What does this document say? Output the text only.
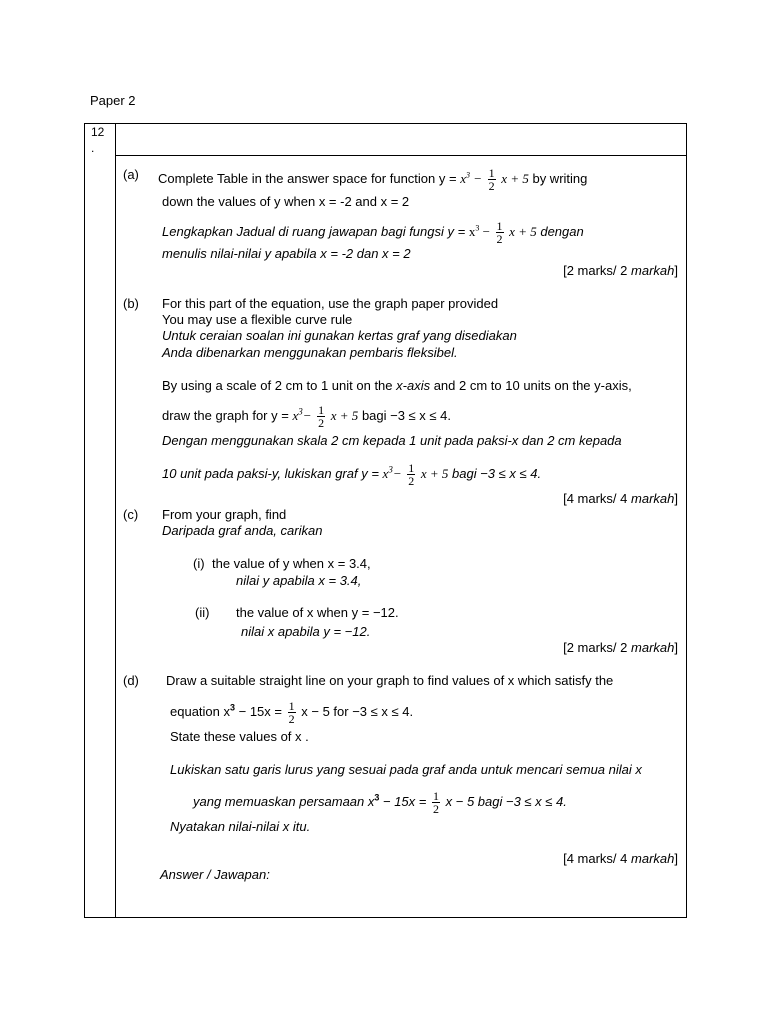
Paper 2
12
.
(a) Complete Table in the answer space for function $y = x^3 - \frac{1}{2}$ x + 5 by writing
down the values of y when x = -2 and x = 2
Lengkapkan Jadual di ruang jawapan bagi fungsi $y = x^3 - \frac{1}{2}$ x + 5 dengan
menulis nilai-nilai y apabila x = -2 dan x = 2
[2 marks/ 2 markah]
(b) For this part of the equation, use the graph paper provided
You may use a flexible curve rule
Untuk ceraian soalan ini gunakan kertas graf yang disediakan
Anda dibenarkan menggunakan pembaris fleksibel.
By using a scale of 2 cm to 1 unit on the x-axis and 2 cm to 10 units on the y-axis,
draw the graph for $y = x^3- \frac{1}{2}$ x + 5 bagi −3 ≤ x ≤ 4.
Dengan menggunakan skala 2 cm kepada 1 unit pada paksi-x dan 2 cm kepada
10 unit pada paksi-y, lukiskan graf $y = x^3- \frac{1}{2}$ x + 5 bagi −3 ≤ x ≤ 4.
[4 marks/ 4 markah]
(c) From your graph, find
Daripada graf anda, carikan
(i) the value of y when x = 3.4,
nilai y apabila x = 3.4,
(ii) the value of x when y = −12.
nilai x apabila y = −12.
[2 marks/ 2 markah]
(d) Draw a suitable straight line on your graph to find values of x which satisfy the
equation $x^3 - 15x = \frac{1}{2}$ x − 5 for −3 ≤ x ≤ 4.
State these values of x .
Lukiskan satu garis lurus yang sesuai pada graf anda untuk mencari semua nilai x
yang memuaskan persamaan $x^3 - 15x = \frac{1}{2}$ x − 5 bagi −3 ≤ x ≤ 4.
Nyatakan nilai-nilai x itu.
[4 marks/ 4 markah]
Answer / Jawapan:
